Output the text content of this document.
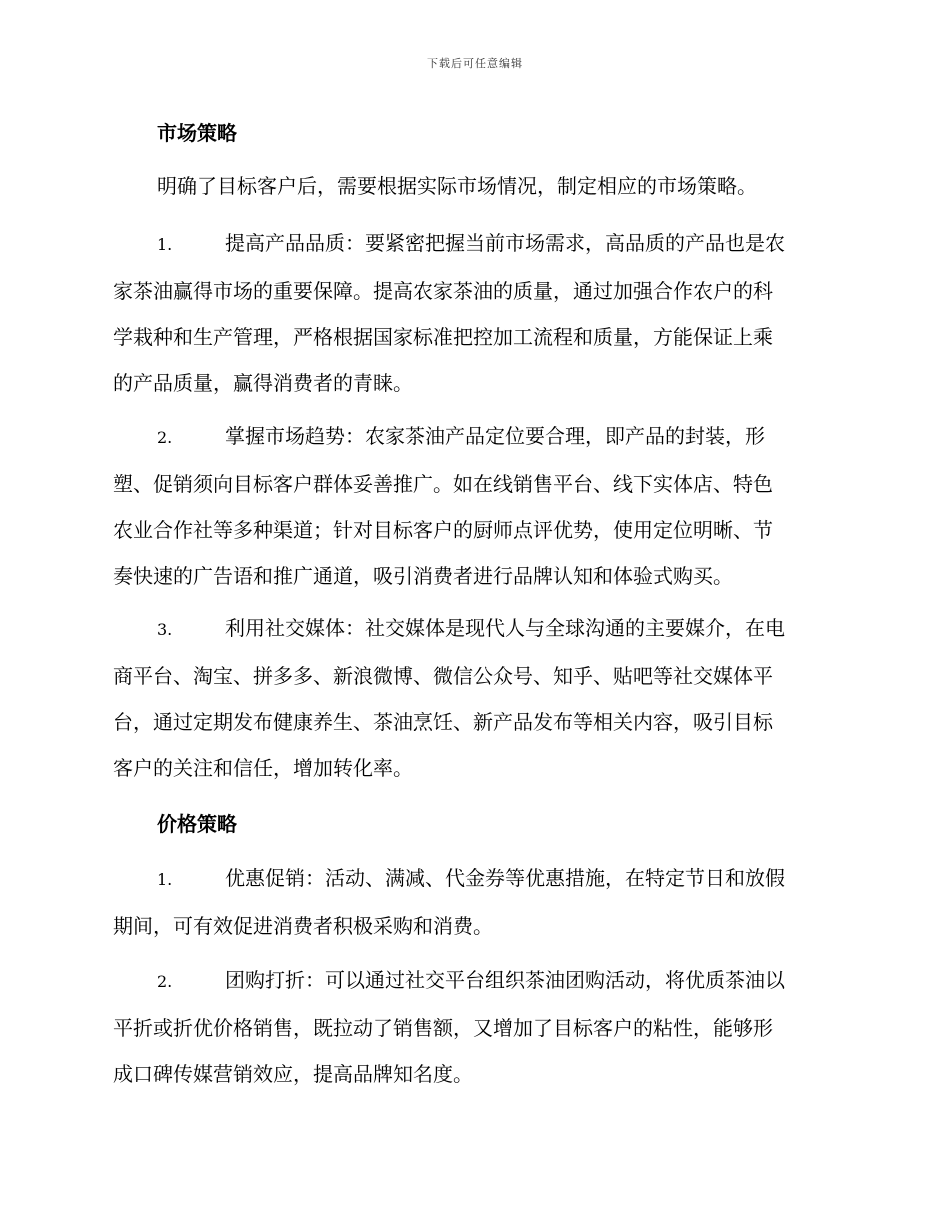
下载后可任意编辑
市场策略
明确了目标客户后，需要根据实际市场情况，制定相应的市场策略。
1.	提高产品品质：要紧密把握当前市场需求，高品质的产品也是农
家茶油赢得市场的重要保障。提高农家茶油的质量，通过加强合作农户的科
学栽种和生产管理，严格根据国家标准把控加工流程和质量，方能保证上乘
的产品质量，赢得消费者的青睐。
2.	掌握市场趋势：农家茶油产品定位要合理，即产品的封装，形
塑、促销须向目标客户群体妥善推广。如在线销售平台、线下实体店、特色
农业合作社等多种渠道；针对目标客户的厨师点评优势，使用定位明晰、节
奏快速的广告语和推广通道，吸引消费者进行品牌认知和体验式购买。
3.	利用社交媒体：社交媒体是现代人与全球沟通的主要媒介，在电
商平台、淘宝、拼多多、新浪微博、微信公众号、知乎、贴吧等社交媒体平
台，通过定期发布健康养生、茶油烹饪、新产品发布等相关内容，吸引目标
客户的关注和信任，增加转化率。
价格策略
1.	优惠促销：活动、满减、代金券等优惠措施，在特定节日和放假
期间，可有效促进消费者积极采购和消费。
2.	团购打折：可以通过社交平台组织茶油团购活动，将优质茶油以
平折或折优价格销售，既拉动了销售额，又增加了目标客户的粘性，能够形
成口碑传媒营销效应，提高品牌知名度。
